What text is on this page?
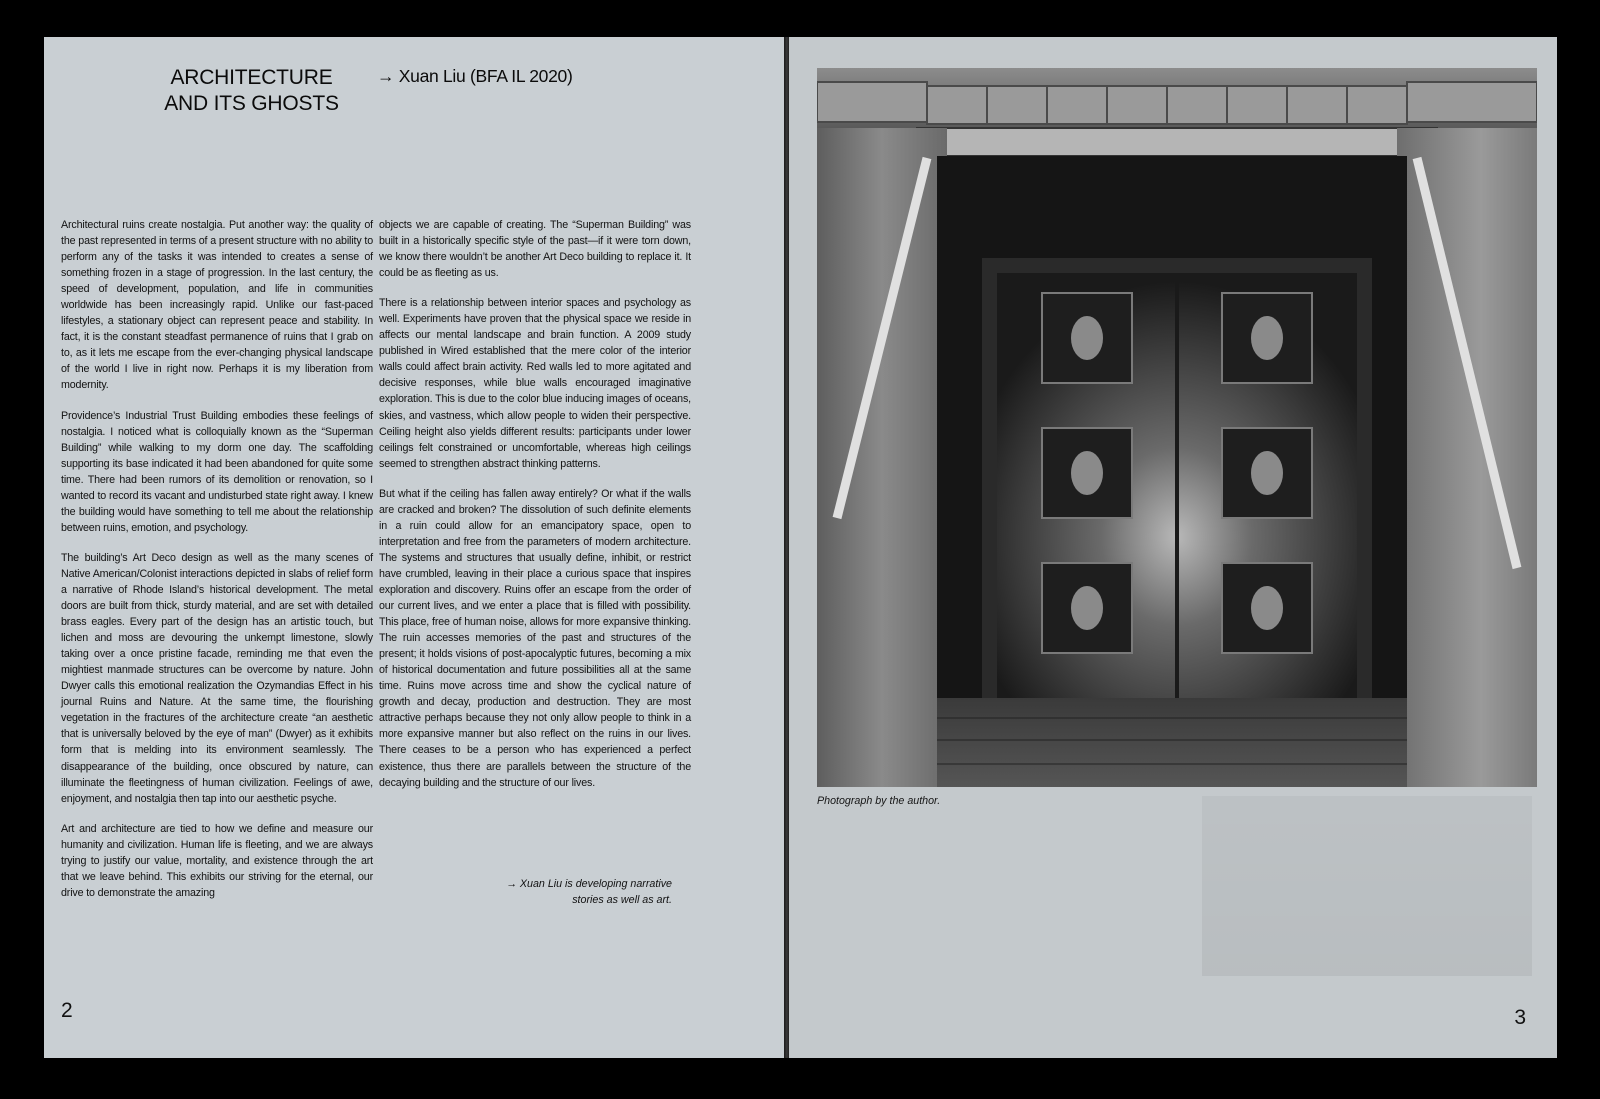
ARCHITECTURE
AND ITS GHOSTS
→ Xuan Liu (BFA IL 2020)

Architectural ruins create nostalgia. Put another way: the quality of the past represented in terms of a present structure with no ability to perform any of the tasks it was intended to creates a sense of something frozen in a stage of progression. In the last century, the speed of development, population, and life in communities worldwide has been increasingly rapid. Unlike our fast-paced lifestyles, a stationary object can represent peace and stability. In fact, it is the constant steadfast permanence of ruins that I grab on to, as it lets me escape from the ever-changing physical landscape of the world I live in right now. Perhaps it is my liberation from modernity.

Providence’s Industrial Trust Building embodies these feelings of nostalgia. I noticed what is colloquially known as the “Superman Building” while walking to my dorm one day. The scaffolding supporting its base indicated it had been abandoned for quite some time. There had been rumors of its demolition or renovation, so I wanted to record its vacant and undisturbed state right away. I knew the building would have something to tell me about the relationship between ruins, emotion, and psychology.

The building’s Art Deco design as well as the many scenes of Native American/Colonist interactions depicted in slabs of relief form a narrative of Rhode Island’s historical development. The metal doors are built from thick, sturdy material, and are set with detailed brass eagles. Every part of the design has an artistic touch, but lichen and moss are devouring the unkempt limestone, slowly taking over a once pristine facade, reminding me that even the mightiest manmade structures can be overcome by nature. John Dwyer calls this emotional realization the Ozymandias Effect in his journal Ruins and Nature. At the same time, the flourishing vegetation in the fractures of the architecture create “an aesthetic that is universally beloved by the eye of man” (Dwyer) as it exhibits form that is melding into its environment seamlessly. The disappearance of the building, once obscured by nature, can illuminate the fleetingness of human civilization. Feelings of awe, enjoyment, and nostalgia then tap into our aesthetic psyche.

Art and architecture are tied to how we define and measure our humanity and civilization. Human life is fleeting, and we are always trying to justify our value, mortality, and existence through the art that we leave behind. This exhibits our striving for the eternal, our drive to demonstrate the amazing

objects we are capable of creating. The “Superman Building” was built in a historically specific style of the past—if it were torn down, we know there wouldn’t be another Art Deco building to replace it. It could be as fleeting as us.

There is a relationship between interior spaces and psychology as well. Experiments have proven that the physical space we reside in affects our mental landscape and brain function. A 2009 study published in Wired established that the mere color of the interior walls could affect brain activity. Red walls led to more agitated and decisive responses, while blue walls encouraged imaginative exploration. This is due to the color blue inducing images of oceans, skies, and vastness, which allow people to widen their perspective. Ceiling height also yields different results: participants under lower ceilings felt constrained or uncomfortable, whereas high ceilings seemed to strengthen abstract thinking patterns.

But what if the ceiling has fallen away entirely? Or what if the walls are cracked and broken? The dissolution of such definite elements in a ruin could allow for an emancipatory space, open to interpretation and free from the parameters of modern architecture. The systems and structures that usually define, inhibit, or restrict have crumbled, leaving in their place a curious space that inspires exploration and discovery. Ruins offer an escape from the order of our current lives, and we enter a place that is filled with possibility. This place, free of human noise, allows for more expansive thinking. The ruin accesses memories of the past and structures of the present; it holds visions of post-apocalyptic futures, becoming a mix of historical documentation and future possibilities all at the same time. Ruins move across time and show the cyclical nature of growth and decay, production and destruction. They are most attractive perhaps because they not only allow people to think in a more expansive manner but also reflect on the ruins in our lives. There ceases to be a person who has experienced a perfect existence, thus there are parallels between the structure of the decaying building and the structure of our lives.

→ Xuan Liu is developing narrative
stories as well as art.
2
Photograph by the author.
3
